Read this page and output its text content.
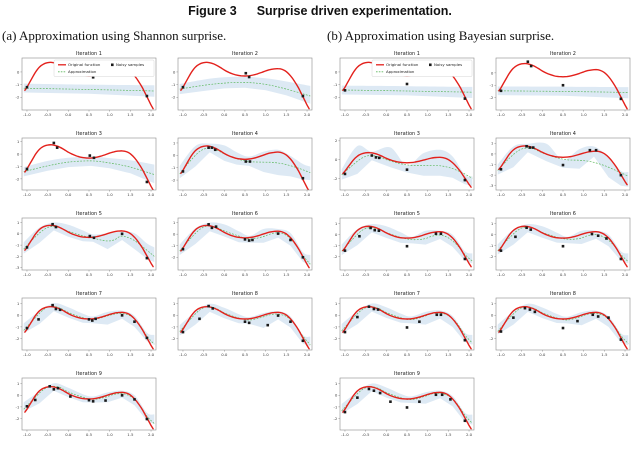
Figure 3 Surprise driven experimentation.
(a) Approximation using Shannon surprise.	(b) Approximation using Bayesian surprise.
Iteration 1
-1.0	-0.5	0.0	0.5	1.0	1.5	2.0
0
-1
-2
Original function
Approximation
Noisy samples
Iteration 2
-1.0	-0.5	0.0	0.5	1.0	1.5	2.0
0
-1
-2
Iteration 3
-1.0	-0.5	0.0	0.5	1.0	1.5	2.0
1
0
-1
-2
Iteration 4
-1.0	-0.5	0.0	0.5	1.0	1.5	2.0
1
0
-1
-2
Iteration 5
-1.0	-0.5	0.0	0.5	1.0	1.5	2.0
1
0
-1
-2
-3
Iteration 6
-1.0	-0.5	0.0	0.5	1.0	1.5	2.0
1
0
-1
-2
Iteration 7
-1.0	-0.5	0.0	0.5	1.0	1.5	2.0
1
0
-1
-2
Iteration 8
-1.0	-0.5	0.0	0.5	1.0	1.5	2.0
1
0
-1
-2
Iteration 9
-1.0	-0.5	0.0	0.5	1.0	1.5	2.0
1
0
-1
-2
Iteration 1
-1.0	-0.5	0.0	0.5	1.0	1.5	2.0
0
-1
-2
Original function
Approximation
Noisy samples
Iteration 2
-1.0	-0.5	0.0	0.5	1.0	1.5	2.0
0
-1
-2
Iteration 3
-1.0	-0.5	0.0	0.5	1.0	1.5	2.0
2
0
-2
Iteration 4
-1.0	-0.5	0.0	0.5	1.0	1.5	2.0
1
0
-1
-2
-3
Iteration 5
-1.0	-0.5	0.0	0.5	1.0	1.5	2.0
1
0
-1
-2
Iteration 6
-1.0	-0.5	0.0	0.5	1.0	1.5	2.0
1
0
-1
-2
Iteration 7
-1.0	-0.5	0.0	0.5	1.0	1.5	2.0
1
0
-1
-2
Iteration 8
-1.0	-0.5	0.0	0.5	1.0	1.5	2.0
1
0
-1
-2
Iteration 9
-1.0	-0.5	0.0	0.5	1.0	1.5	2.0
1
0
-1
-2
